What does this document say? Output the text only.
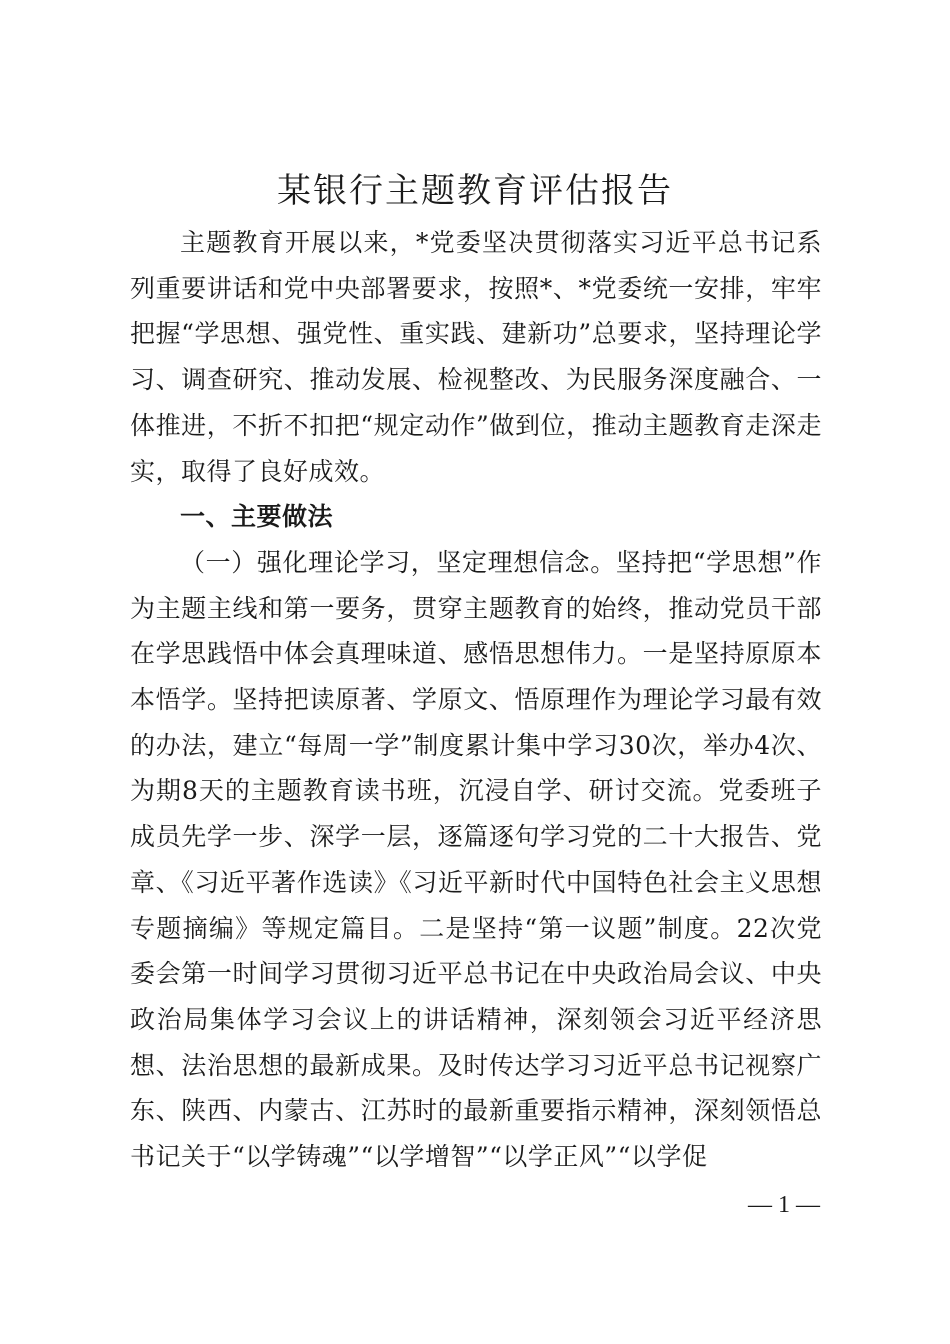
某银行主题教育评估报告

主题教育开展以来，*党委坚决贯彻落实习近平总书记系列重要讲话和党中央部署要求，按照*、*党委统一安排，牢牢把握“学思想、强党性、重实践、建新功”总要求，坚持理论学习、调查研究、推动发展、检视整改、为民服务深度融合、一体推进，不折不扣把“规定动作”做到位，推动主题教育走深走实，取得了良好成效。

一、主要做法

（一）强化理论学习，坚定理想信念。坚持把“学思想”作为主题主线和第一要务，贯穿主题教育的始终，推动党员干部在学思践悟中体会真理味道、感悟思想伟力。一是坚持原原本本悟学。坚持把读原著、学原文、悟原理作为理论学习最有效的办法，建立“每周一学”制度累计集中学习30次，举办4次、为期8天的主题教育读书班，沉浸自学、研讨交流。党委班子成员先学一步、深学一层，逐篇逐句学习党的二十大报告、党章、《习近平著作选读》《习近平新时代中国特色社会主义思想专题摘编》等规定篇目。二是坚持“第一议题”制度。22次党委会第一时间学习贯彻习近平总书记在中央政治局会议、中央政治局集体学习会议上的讲话精神，深刻领会习近平经济思想、法治思想的最新成果。及时传达学习习近平总书记视察广东、陕西、内蒙古、江苏时的最新重要指示精神，深刻领悟总书记关于“以学铸魂”“以学增智”“以学正风”“以学促

— 1 —
